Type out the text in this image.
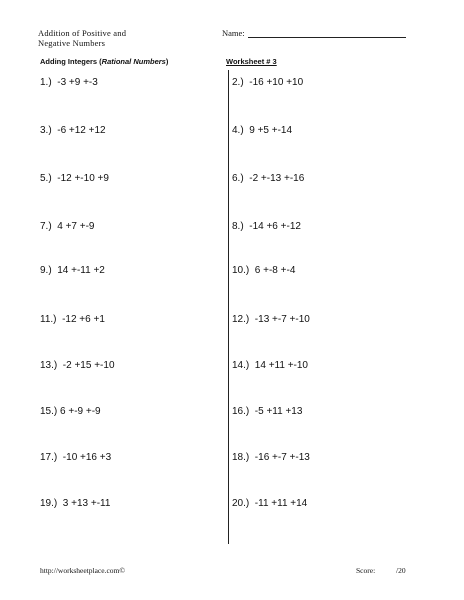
Addition of Positive and
Negative Numbers
Name:
Adding Integers (Rational Numbers)	Worksheet # 3
1.) -3 +9 +-3
3.) -6 +12 +12
5.) -12 +-10 +9
7.) 4 +7 +-9
9.) 14 +-11 +2
11.) -12 +6 +1
13.) -2 +15 +-10
15.) 6 +-9 +-9
17.) -10 +16 +3
19.) 3 +13 +-11
2.) -16 +10 +10
4.) 9 +5 +-14
6.) -2 +-13 +-16
8.) -14 +6 +-12
10.) 6 +-8 +-4
12.) -13 +-7 +-10
14.) 14 +11 +-10
16.) -5 +11 +13
18.) -16 +-7 +-13
20.) -11 +11 +14
http://worksheetplace.com©	Score:	/20
